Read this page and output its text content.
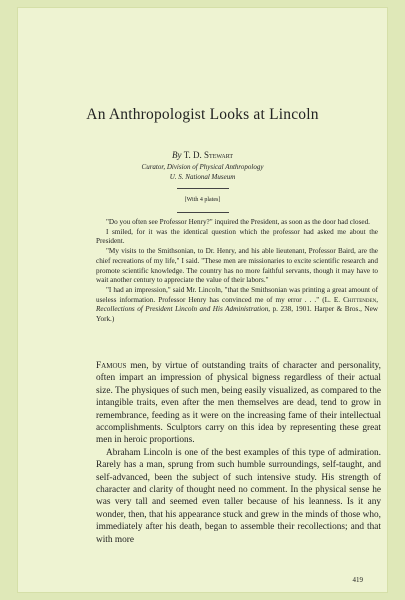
An Anthropologist Looks at Lincoln
By T. D. Stewart
Curator, Division of Physical Anthropology
U. S. National Museum
[With 4 plates]

"Do you often see Professor Henry?" inquired the President, as soon as the door had closed.

I smiled, for it was the identical question which the professor had asked me about the President.

"My visits to the Smithsonian, to Dr. Henry, and his able lieutenant, Professor Baird, are the chief recreations of my life," I said. "These men are missionaries to excite scientific research and promote scientific knowledge. The country has no more faithful servants, though it may have to wait another century to appreciate the value of their labors."

"I had an impression," said Mr. Lincoln, "that the Smithsonian was printing a great amount of useless information. Professor Henry has convinced me of my error . . ." (L. E. Chittenden, Recollections of President Lincoln and His Administration, p. 238, 1901. Harper & Bros., New York.)

Famous men, by virtue of outstanding traits of character and personality, often impart an impression of physical bigness regardless of their actual size. The physiques of such men, being easily visualized, as compared to the intangible traits, even after the men themselves are dead, tend to grow in remembrance, feeding as it were on the increasing fame of their intellectual accomplishments. Sculptors carry on this idea by representing these great men in heroic proportions.

Abraham Lincoln is one of the best examples of this type of admiration. Rarely has a man, sprung from such humble surroundings, self-taught, and self-advanced, been the subject of such intensive study. His strength of character and clarity of thought need no comment. In the physical sense he was very tall and seemed even taller because of his leanness. Is it any wonder, then, that his appearance stuck and grew in the minds of those who, immediately after his death, began to assemble their recollections; and that with more

419
